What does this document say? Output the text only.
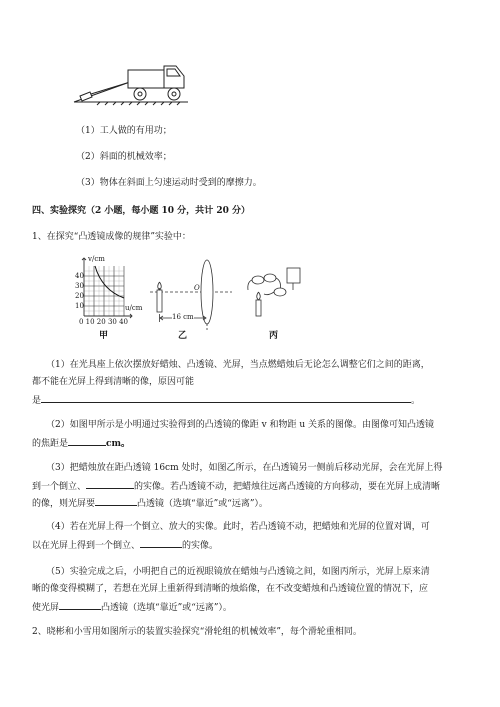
（1）工人做的有用功；
（2）斜面的机械效率；
（3）物体在斜面上匀速运动时受到的摩擦力。
四、实验探究（2 小题，每小题 10 分，共计 20 分）
1、在探究“凸透镜成像的规律”实验中：
v/cm
40
30
20
10	u/cm
0 10 20 30 40
甲
O
16 cm
乙	丙
（1）在光具座上依次摆放好蜡烛、凸透镜、光屏，当点燃蜡烛后无论怎么调整它们之间的距离，
都不能在光屏上得到清晰的像，原因可能
是	。
（2）如图甲所示是小明通过实验得到的凸透镜的像距 v 和物距 u 关系的图像。由图像可知凸透镜
的焦距是	cm。
（3）把蜡烛放在距凸透镜 16cm 处时，如图乙所示，在凸透镜另一侧前后移动光屏，会在光屏上得
到一个倒立、	的实像。若凸透镜不动，把蜡烛往远离凸透镜的方向移动，要在光屏上成清晰
的像，则光屏要	凸透镜（选填“靠近”或“远离”）。
（4）若在光屏上得一个倒立、放大的实像。此时，若凸透镜不动，把蜡烛和光屏的位置对调，可
以在光屏上得到一个倒立、	的实像。
（5）实验完成之后，小明把自己的近视眼镜放在蜡烛与凸透镜之间，如图丙所示，光屏上原来清
晰的像变得模糊了，若想在光屏上重新得到清晰的烛焰像，在不改变蜡烛和凸透镜位置的情况下，应
使光屏	凸透镜（选填“靠近”或“远离”）。
2、晓彬和小雪用如图所示的装置实验探究“滑轮组的机械效率”，每个滑轮重相同。
